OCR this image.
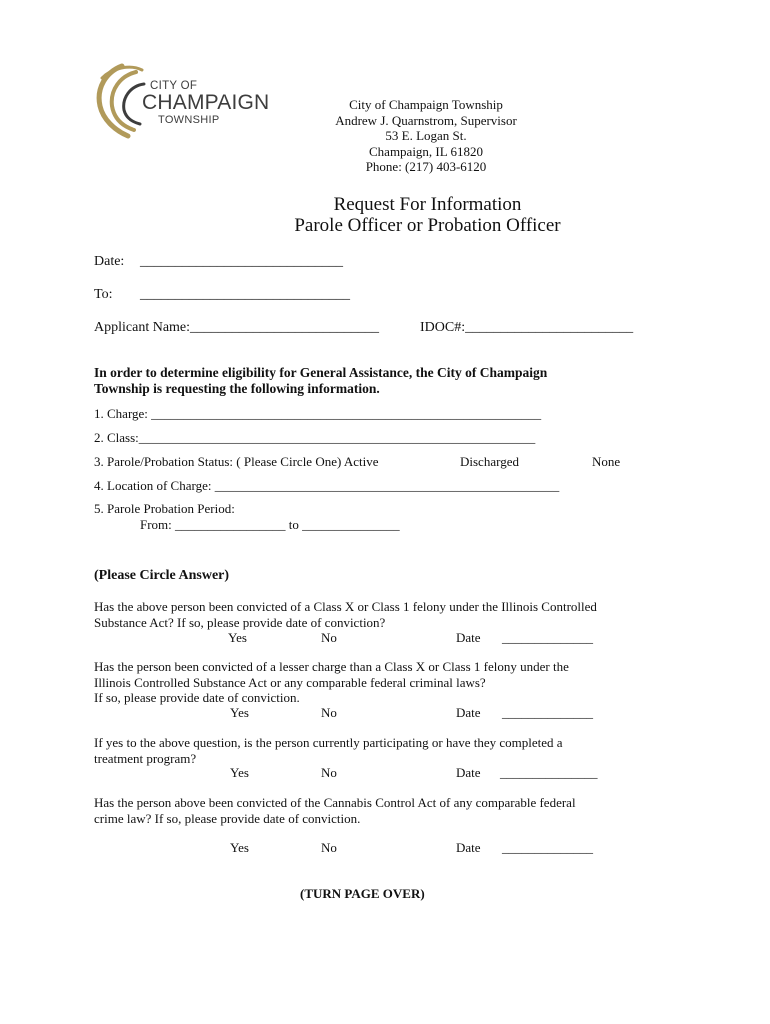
CITY OF
CHAMPAIGN
TOWNSHIP
City of Champaign Township
Andrew J. Quarnstrom, Supervisor
53 E. Logan St.
Champaign, IL 61820
Phone: (217) 403-6120
Request For Information
Parole Officer or Probation Officer
Date: _____________________________
To: ______________________________
Applicant Name:___________________________	IDOC#:________________________
In order to determine eligibility for General Assistance, the City of Champaign
Township is requesting the following information.
1. Charge: ____________________________________________________________
2. Class:_____________________________________________________________
3. Parole/Probation Status: ( Please Circle One) Active	Discharged	None
4. Location of Charge: _____________________________________________________
5. Parole Probation Period:
From: _________________ to _______________
(Please Circle Answer)
Has the above person been convicted of a Class X or Class 1 felony under the Illinois Controlled
Substance Act? If so, please provide date of conviction?
Yes	No	Date ______________
Has the person been convicted of a lesser charge than a Class X or Class 1 felony under the
Illinois Controlled Substance Act or any comparable federal criminal laws?
If so, please provide date of conviction.
Yes	No	Date ______________
If yes to the above question, is the person currently participating or have they completed a
treatment program?
Yes	No	Date _______________
Has the person above been convicted of the Cannabis Control Act of any comparable federal
crime law? If so, please provide date of conviction.
Yes	No	Date ______________
(TURN PAGE OVER)
